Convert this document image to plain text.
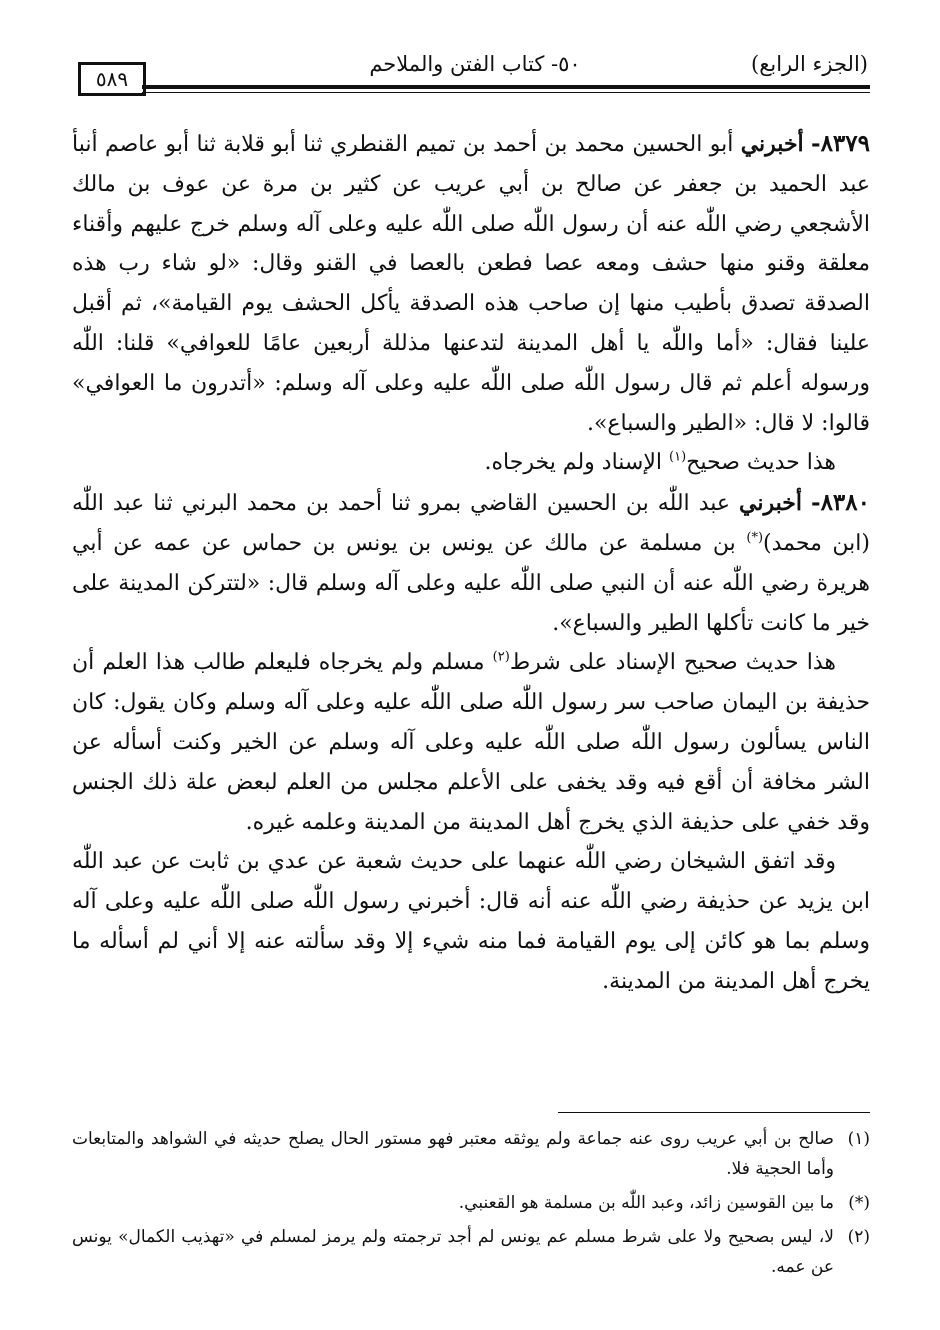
٥٨٩
٥٠- كتاب الفتن والملاحم	(الجزء الرابع)

٨٣٧٩- أخبرني أبو الحسين محمد بن أحمد بن تميم القنطري ثنا أبو قلابة ثنا أبو عاصم أنبأ عبد الحميد بن جعفر عن صالح بن أبي عريب عن كثير بن مرة عن عوف بن مالك الأشجعي رضي اللّٰه عنه أن رسول اللّٰه صلى اللّٰه عليه وعلى آله وسلم خرج عليهم وأقناء معلقة وقنو منها حشف ومعه عصا فطعن بالعصا في القنو وقال: «لو شاء رب هذه الصدقة تصدق بأطيب منها إن صاحب هذه الصدقة يأكل الحشف يوم القيامة»، ثم أقبل علينا فقال: «أما واللّٰه يا أهل المدينة لتدعنها مذللة أربعين عامًا للعوافي» قلنا: اللّٰه ورسوله أعلم ثم قال رسول اللّٰه صلى اللّٰه عليه وعلى آله وسلم: «أتدرون ما العوافي» قالوا: لا قال: «الطير والسباع».

هذا حديث صحيح$^{(١)}$ الإسناد ولم يخرجاه.

٨٣٨٠- أخبرني عبد اللّٰه بن الحسين القاضي بمرو ثنا أحمد بن محمد البرني ثنا عبد اللّٰه (ابن محمد)(*) بن مسلمة عن مالك عن يونس بن يونس بن حماس عن عمه عن أبي هريرة رضي اللّٰه عنه أن النبي صلى اللّٰه عليه وعلى آله وسلم قال: «لتتركن المدينة على خير ما كانت تأكلها الطير والسباع».

هذا حديث صحيح الإسناد على شرط$^{(٢)}$ مسلم ولم يخرجاه فليعلم طالب هذا العلم أن حذيفة بن اليمان صاحب سر رسول اللّٰه صلى اللّٰه عليه وعلى آله وسلم وكان يقول: كان الناس يسألون رسول اللّٰه صلى اللّٰه عليه وعلى آله وسلم عن الخير وكنت أسأله عن الشر مخافة أن أقع فيه وقد يخفى على الأعلم مجلس من العلم لبعض علة ذلك الجنس وقد خفي على حذيفة الذي يخرج أهل المدينة من المدينة وعلمه غيره.

وقد اتفق الشيخان رضي اللّٰه عنهما على حديث شعبة عن عدي بن ثابت عن عبد اللّٰه ابن يزيد عن حذيفة رضي اللّٰه عنه أنه قال: أخبرني رسول اللّٰه صلى اللّٰه عليه وعلى آله وسلم بما هو كائن إلى يوم القيامة فما منه شيء إلا وقد سألته عنه إلا أني لم أسأله ما يخرج أهل المدينة من المدينة.

(١)
صالح بن أبي عريب روى عنه جماعة ولم يوثقه معتبر فهو مستور الحال يصلح حديثه في الشواهد والمتابعات وأما الحجية فلا.
(*)
ما بين القوسين زائد، وعبد اللّٰه بن مسلمة هو القعنبي.
(٢)
لا، ليس بصحيح ولا على شرط مسلم عم يونس لم أجد ترجمته ولم يرمز لمسلم في «تهذيب الكمال» يونس عن عمه.
